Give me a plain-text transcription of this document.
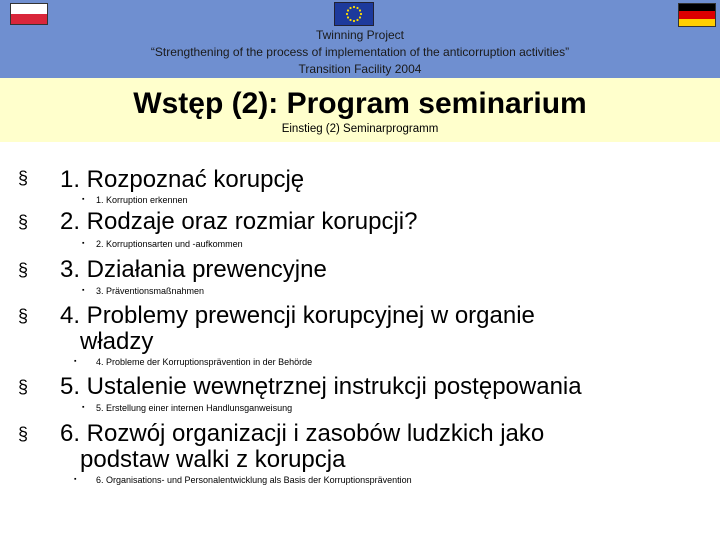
Twinning Project
“Strengthening of the process of implementation of the anticorruption activities”
Transition Facility 2004
Wstęp (2): Program seminarium
Einstieg (2) Seminarprogramm
§ 1. Rozpoznać korupcję
▪ 1. Korruption erkennen
§ 2. Rodzaje oraz rozmiar korupcji?
▪ 2. Korruptionsarten und -aufkommen
§ 3. Działania prewencyjne
▪ 3. Präventionsmaßnahmen
§ 4. Problemy prewencji korupcyjnej w organie
władzy
▪ 4. Probleme der Korruptionsprävention in der Behörde
§ 5. Ustalenie wewnętrznej instrukcji postępowania
▪ 5. Erstellung einer internen Handlunsganweisung
§ 6. Rozwój organizacji i zasobów ludzkich jako
podstaw walki z korupcja
▪ 6. Organisations- und Personalentwicklung als Basis der Korruptionsprävention
